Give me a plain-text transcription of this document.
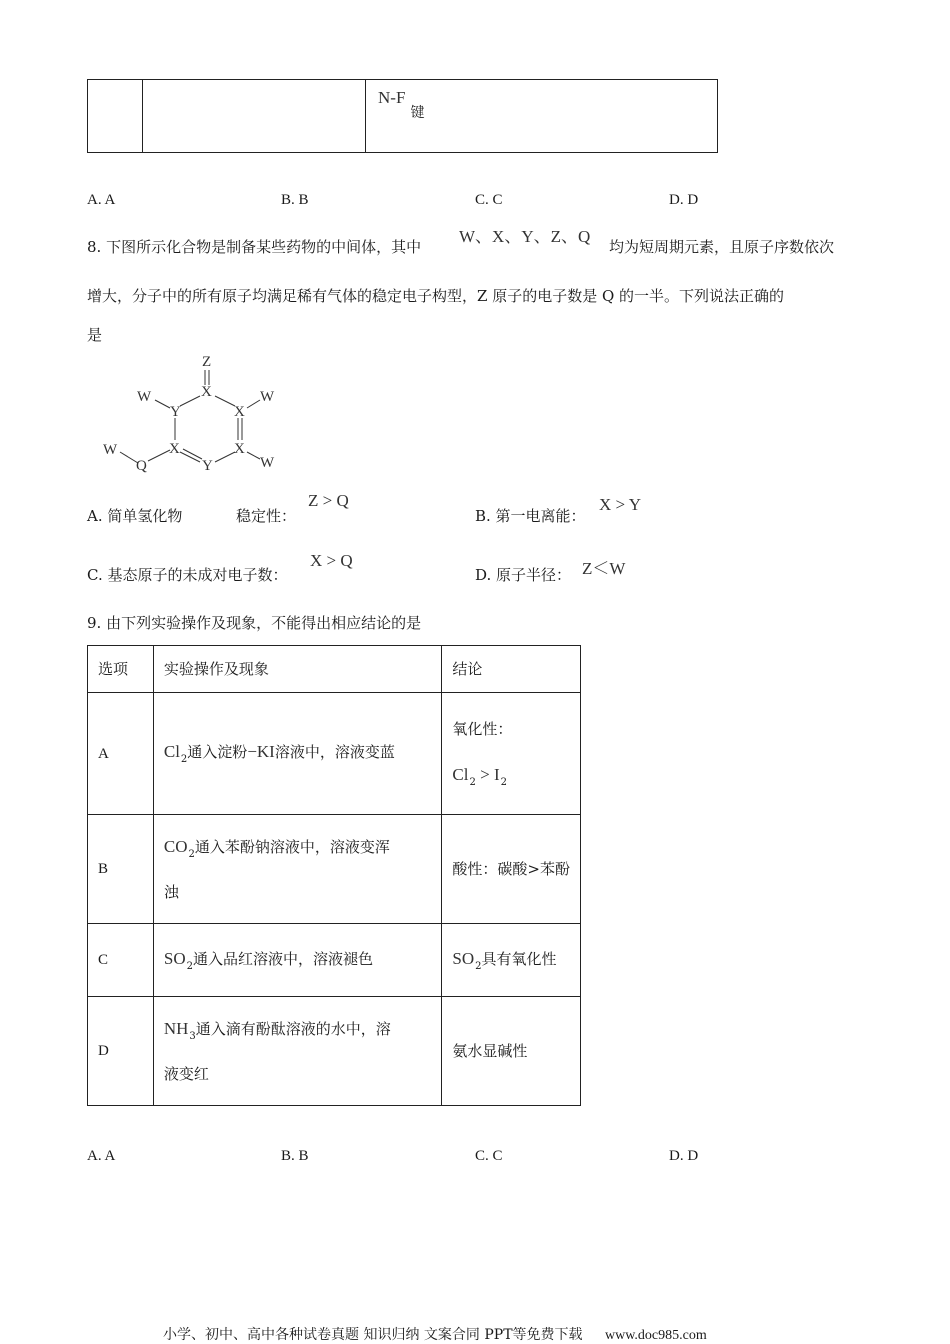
N-F 键
A. A	B. B	C. C	D. D
8. 下图所示化合物是制备某些药物的中间体，其中
W、X、Y、Z、Q
均为短周期元素，且原子序数依次
增大，分子中的所有原子均满足稀有气体的稳定电子构型，Z 原子的电子数是 Q 的一半。下列说法正确的
是
Z
X
W
Y	X
W
X	X
Y
W
Q	W
A. 简单氢化物	稳定性：
Z > Q
B. 第一电离能：
X > Y
C. 基态原子的未成对电子数：
X > Q
D. 原子半径： Z＜W
9. 由下列实验操作及现象，不能得出相应结论的是
选项	实验操作及现象	结论
A	$Cl_2$通入淀粉−KI溶液中，溶液变蓝	氧化性：
$Cl_2 > I_2$

B	$CO_2$通入苯酚钠溶液中，溶液变浑
浊	酸性：碳酸>苯酚
C	$SO_2$通入品红溶液中，溶液褪色	$SO_2$具有氧化性
D	$NH_3$通入滴有酚酞溶液的水中，溶
液变红	氨水显碱性
A. A	B. B	C. C	D. D
小学、初中、高中各种试卷真题 知识归纳 文案合同 PPT等免费下载 www.doc985.com
